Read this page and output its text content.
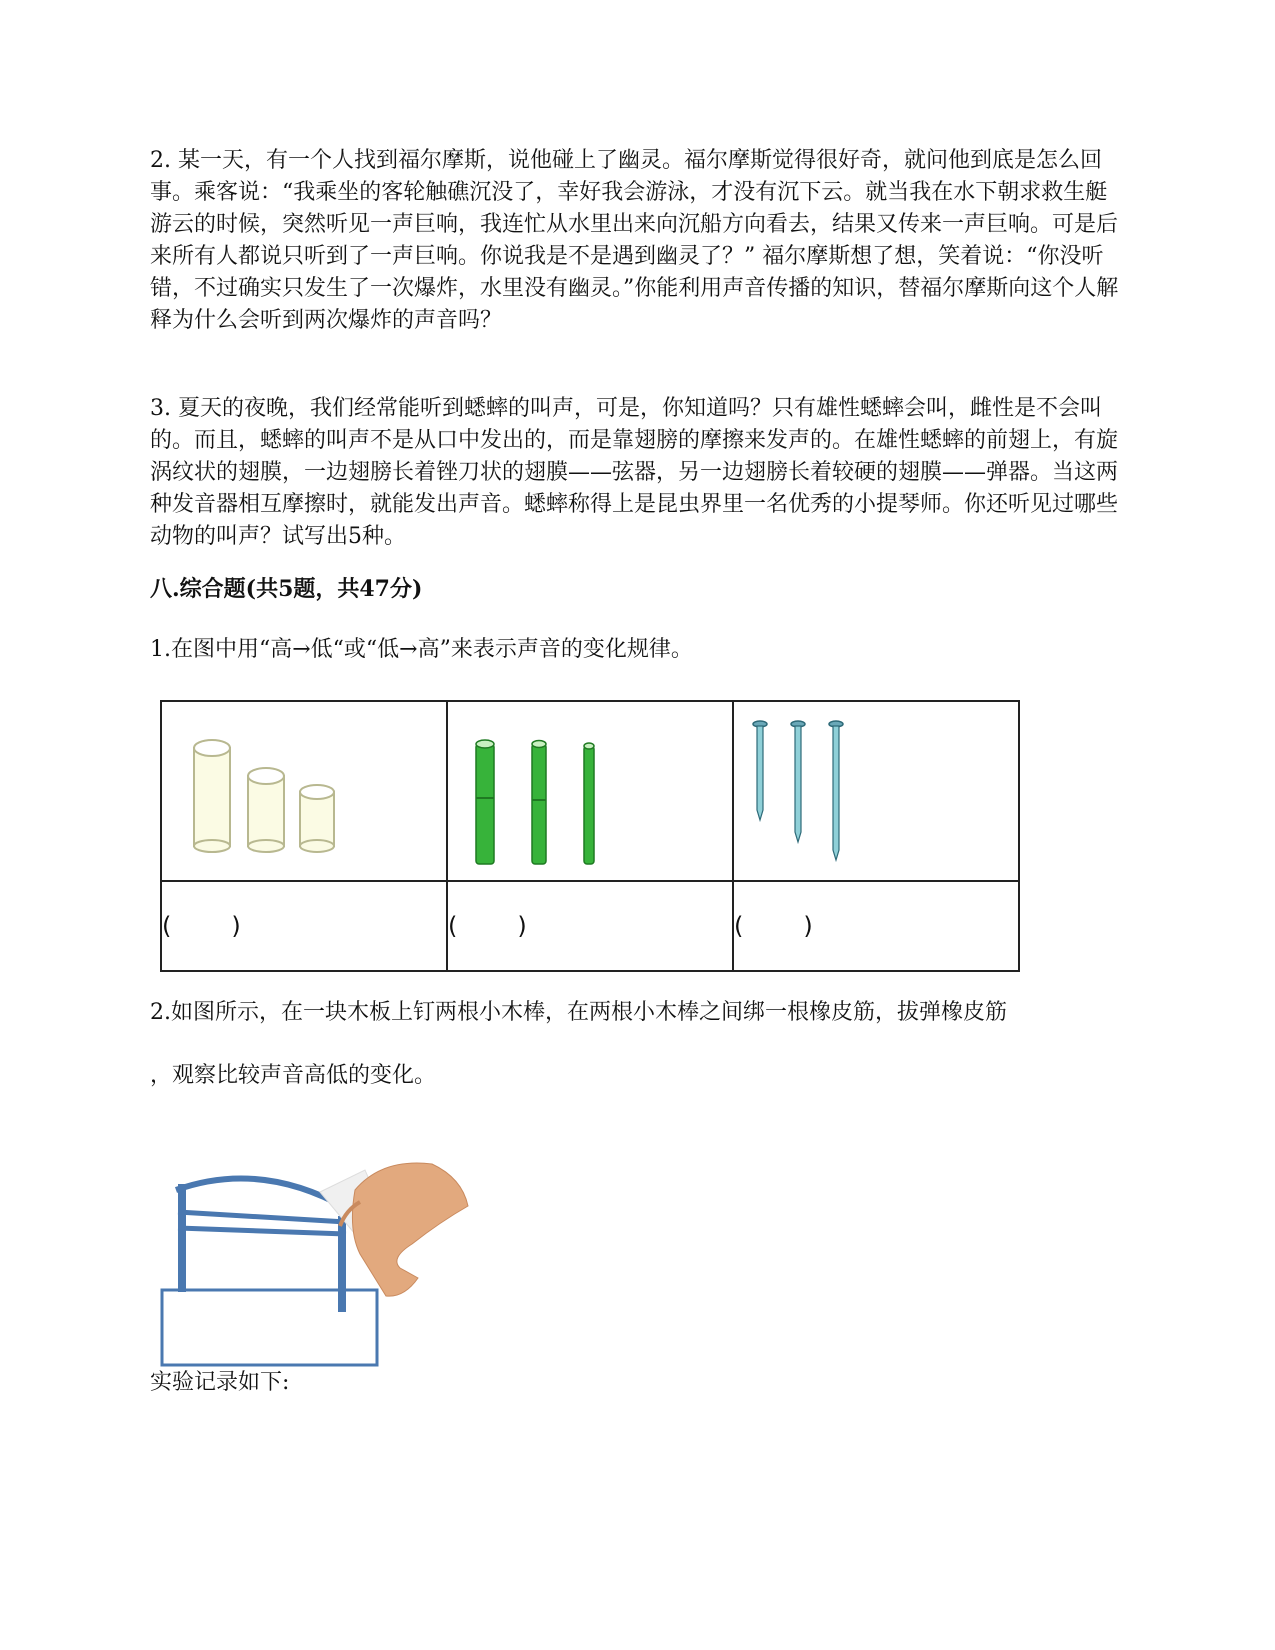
2. 某一天，有一个人找到福尔摩斯，说他碰上了幽灵。福尔摩斯觉得很好奇，就问他到底是怎么回事。乘客说：“我乘坐的客轮触礁沉没了，幸好我会游泳，才没有沉下云。就当我在水下朝求救生艇游云的时候，突然听见一声巨响，我连忙从水里出来向沉船方向看去，结果又传来一声巨响。可是后来所有人都说只听到了一声巨响。你说我是不是遇到幽灵了？” 福尔摩斯想了想，笑着说：“你没听错，不过确实只发生了一次爆炸，水里没有幽灵。”你能利用声音传播的知识，替福尔摩斯向这个人解释为什么会听到两次爆炸的声音吗？

3. 夏天的夜晚，我们经常能听到蟋蟀的叫声，可是，你知道吗？只有雄性蟋蟀会叫，雌性是不会叫的。而且，蟋蟀的叫声不是从口中发出的，而是靠翅膀的摩擦来发声的。在雄性蟋蟀的前翅上，有旋涡纹状的翅膜，一边翅膀长着锉刀状的翅膜——弦器，另一边翅膀长着较硬的翅膜——弹器。当这两种发音器相互摩擦时，就能发出声音。蟋蟀称得上是昆虫界里一名优秀的小提琴师。你还听见过哪些动物的叫声？试写出5种。

八.综合题(共5题，共47分)

1.在图中用“高→低“或“低→高”来表示声音的变化规律。

( )	( )	( )

2.如图所示，在一块木板上钉两根小木棒，在两根小木棒之间绑一根橡皮筋，拔弹橡皮筋

，观察比较声音高低的变化。

实验记录如下:
